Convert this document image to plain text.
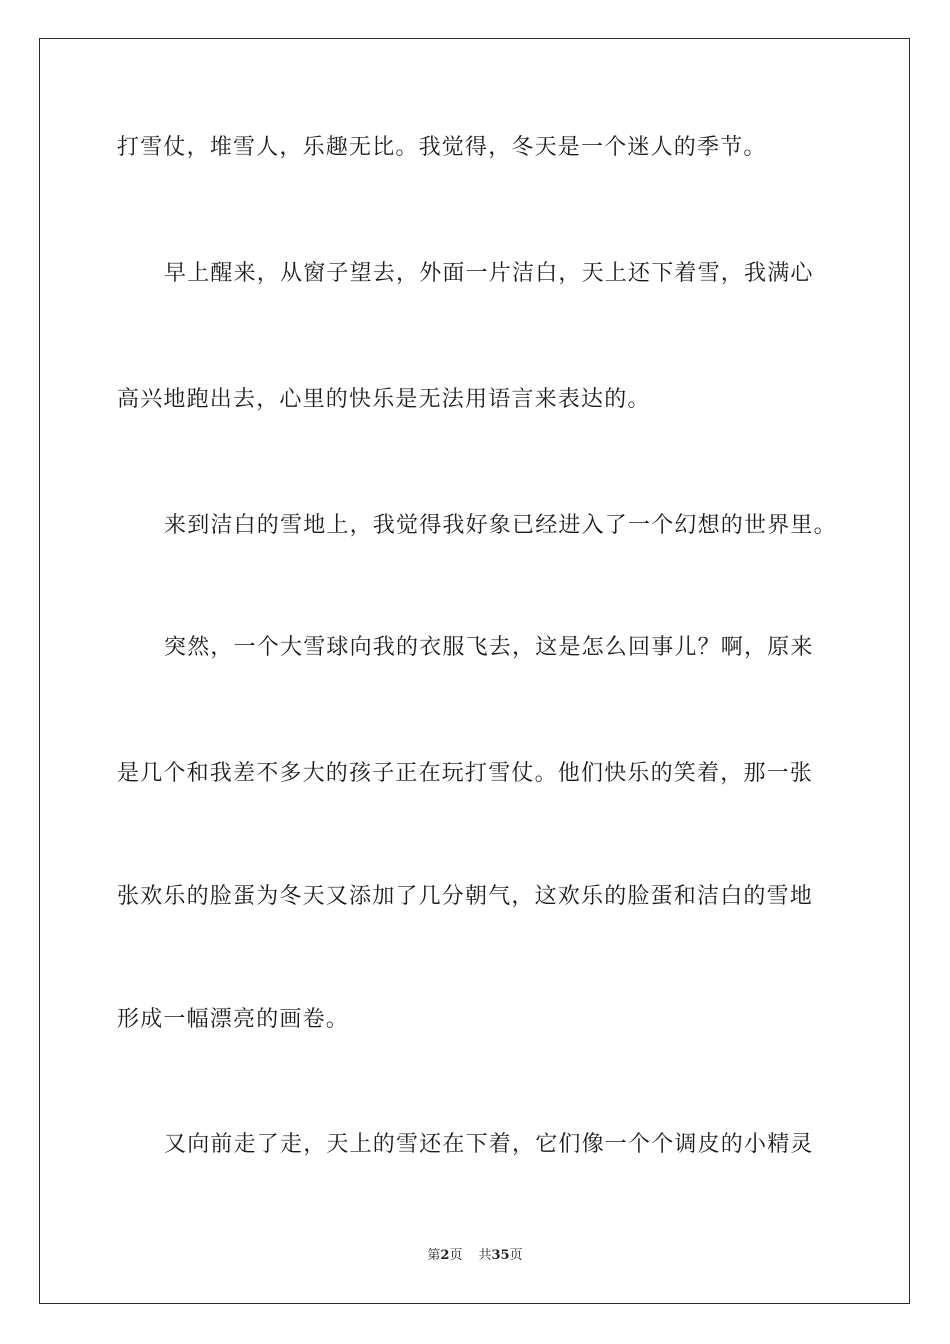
打雪仗，堆雪人，乐趣无比。我觉得，冬天是一个迷人的季节。
早上醒来，从窗子望去，外面一片洁白，天上还下着雪，我满心
高兴地跑出去，心里的快乐是无法用语言来表达的。
来到洁白的雪地上，我觉得我好象已经进入了一个幻想的世界里。
突然，一个大雪球向我的衣服飞去，这是怎么回事儿？啊，原来
是几个和我差不多大的孩子正在玩打雪仗。他们快乐的笑着，那一张
张欢乐的脸蛋为冬天又添加了几分朝气，这欢乐的脸蛋和洁白的雪地
形成一幅漂亮的画卷。
又向前走了走，天上的雪还在下着，它们像一个个调皮的小精灵
第2页 共35页
